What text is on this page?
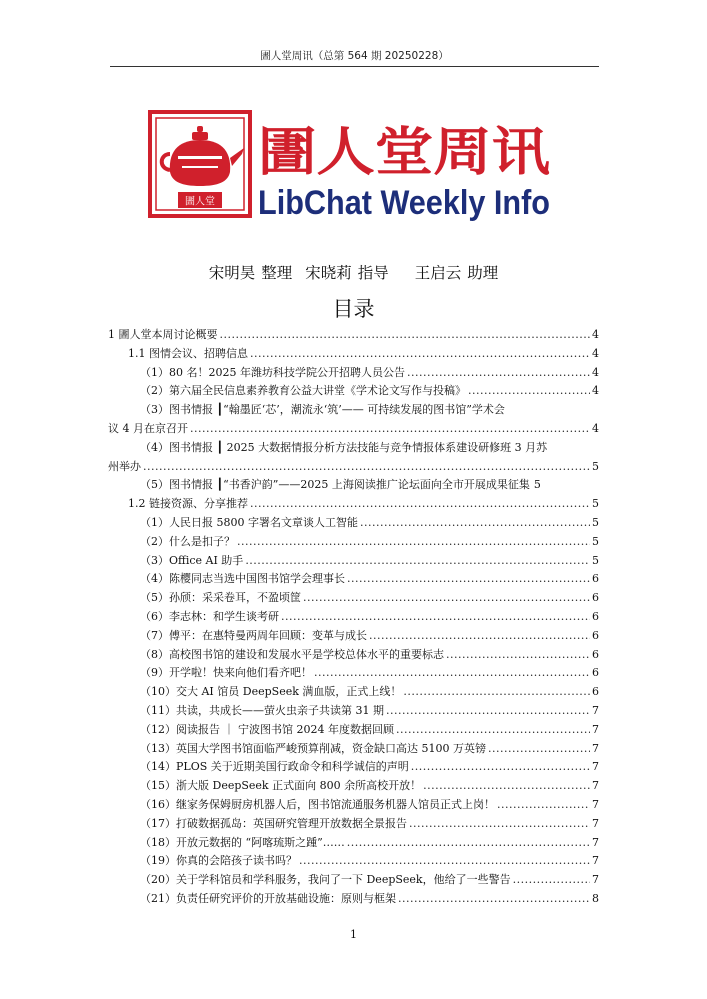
圕人堂周讯（总第 564 期 20250228）
圕人堂
圕人堂周讯
LibChat Weekly Info
宋明昊 整理 宋晓莉 指导 王启云 助理
目录
1 圕人堂本周讨论概要 .....	4
1.1 图情会议、招聘信息 .....	4
（1）80 名！2025 年潍坊科技学院公开招聘人员公告 .....	4
（2）第六届全民信息素养教育公益大讲堂《学术论文写作与投稿》 .....	4
（3）图书情报 ┃“翰墨匠‘芯’，潮流永‘筑’—— 可持续发展的图书馆”学术会
议 4 月在京召开 .....	4
（4）图书情报 ┃ 2025 大数据情报分析方法技能与竞争情报体系建设研修班 3 月苏
州举办 .....	5
（5）图书情报 ┃“书香沪韵”——2025 上海阅读推广论坛面向全市开展成果征集 5
1.2 链接资源、分享推荐 .....	5
（1）人民日报 5800 字署名文章谈人工智能 .....	5
（2）什么是扣子？ .....	5
（3）Office AI 助手 .....	5
（4）陈樱同志当选中国图书馆学会理事长 .....	6
（5）孙颀：采采卷耳，不盈顷筐 .....	6
（6）李志林：和学生谈考研 .....	6
（7）傅平：在惠特曼两周年回顾：变革与成长 .....	6
（8）高校图书馆的建设和发展水平是学校总体水平的重要标志 .....	6
（9）开学啦！快来向他们看齐吧！ .....	6
（10）交大 AI 馆员 DeepSeek 满血版，正式上线！ .....	6
（11）共读，共成长——萤火虫亲子共读第 31 期 .....	7
（12）阅读报告 ｜ 宁波图书馆 2024 年度数据回顾 .....	7
（13）英国大学图书馆面临严峻预算削减，资金缺口高达 5100 万英镑 .....	7
（14）PLOS 关于近期美国行政命令和科学诚信的声明 .....	7
（15）浙大版 DeepSeek 正式面向 800 余所高校开放！ .....	7
（16）继家务保姆厨房机器人后，图书馆流通服务机器人馆员正式上岗！ .....	7
（17）打破数据孤岛：英国研究管理开放数据全景报告 .....	7
（18）开放元数据的 “阿喀琉斯之踵”…… .....	7
（19）你真的会陪孩子读书吗？ .....	7
（20）关于学科馆员和学科服务，我问了一下 DeepSeek，他给了一些警告 .....	7
（21）负责任研究评价的开放基础设施：原则与框架 .....	8
1
